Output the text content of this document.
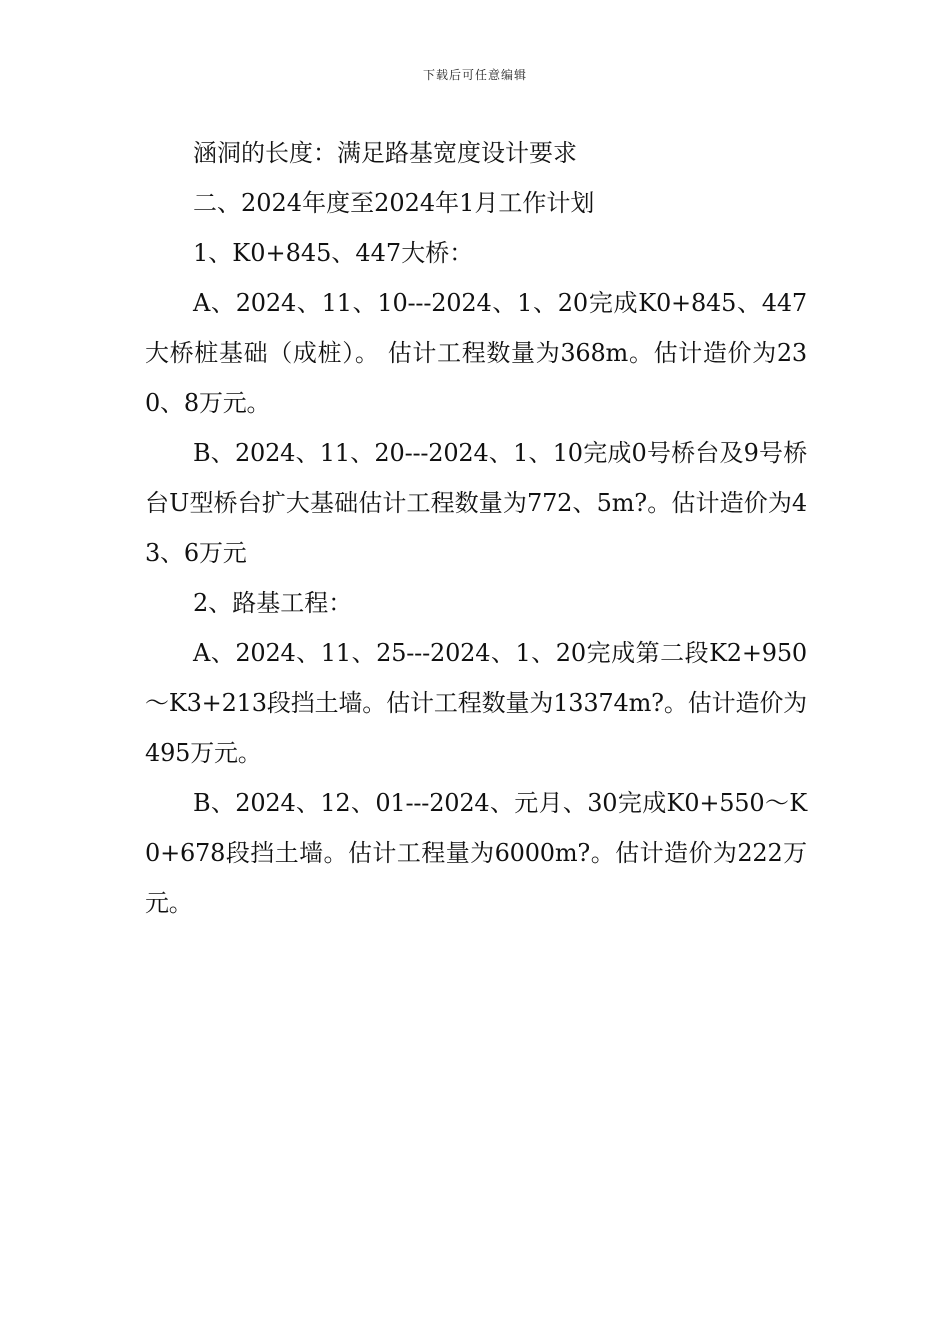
下载后可任意编辑

涵洞的长度：满足路基宽度设计要求

二、2024年度至2024年1月工作计划

1、K0+845、447大桥：

A、2024、11、10---2024、1、20完成K0+845、447大桥桩基础（成桩）。 估计工程数量为368m。估计造价为230、8万元。

B、2024、11、20---2024、1、10完成0号桥台及9号桥台U型桥台扩大基础估计工程数量为772、5m?。估计造价为43、6万元

2、路基工程：

A、2024、11、25---2024、1、20完成第二段K2+950～K3+213段挡土墙。估计工程数量为13374m?。估计造价为495万元。

B、2024、12、01---2024、元月、30完成K0+550～K0+678段挡土墙。估计工程量为6000m?。估计造价为222万元。
